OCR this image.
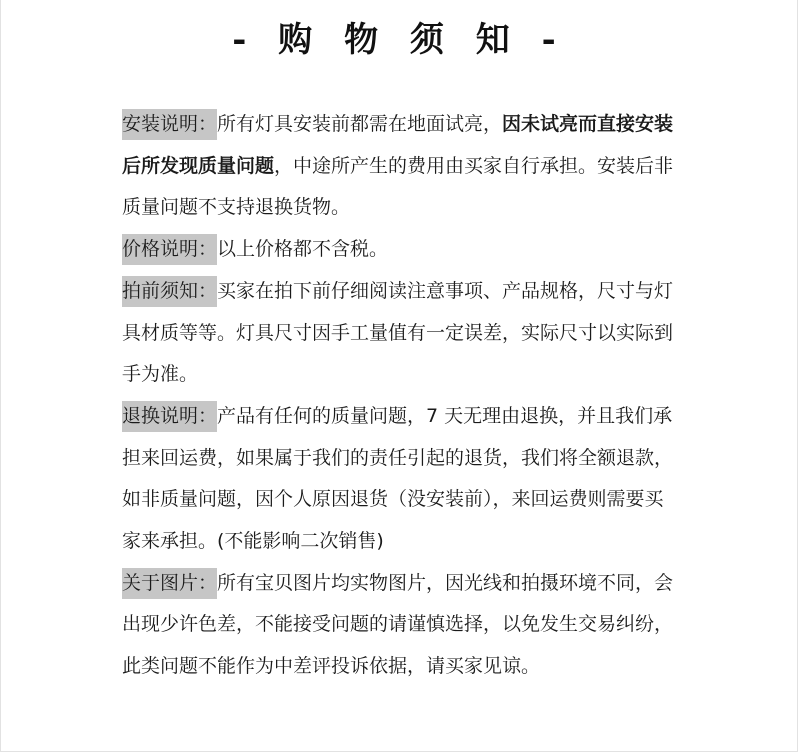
- 购 物 须 知 -

安装说明：所有灯具安装前都需在地面试亮，因未试亮而直接安装后所发现质量问题，中途所产生的费用由买家自行承担。安装后非质量问题不支持退换货物。

价格说明：以上价格都不含税。

拍前须知：买家在拍下前仔细阅读注意事项、产品规格，尺寸与灯具材质等等。灯具尺寸因手工量值有一定误差，实际尺寸以实际到手为准。

退换说明：产品有任何的质量问题，7 天无理由退换，并且我们承担来回运费，如果属于我们的责任引起的退货，我们将全额退款，如非质量问题，因个人原因退货（没安装前），来回运费则需要买家来承担。(不能影响二次销售)

关于图片：所有宝贝图片均实物图片，因光线和拍摄环境不同，会出现少许色差，不能接受问题的请谨慎选择，以免发生交易纠纷，此类问题不能作为中差评投诉依据，请买家见谅。
